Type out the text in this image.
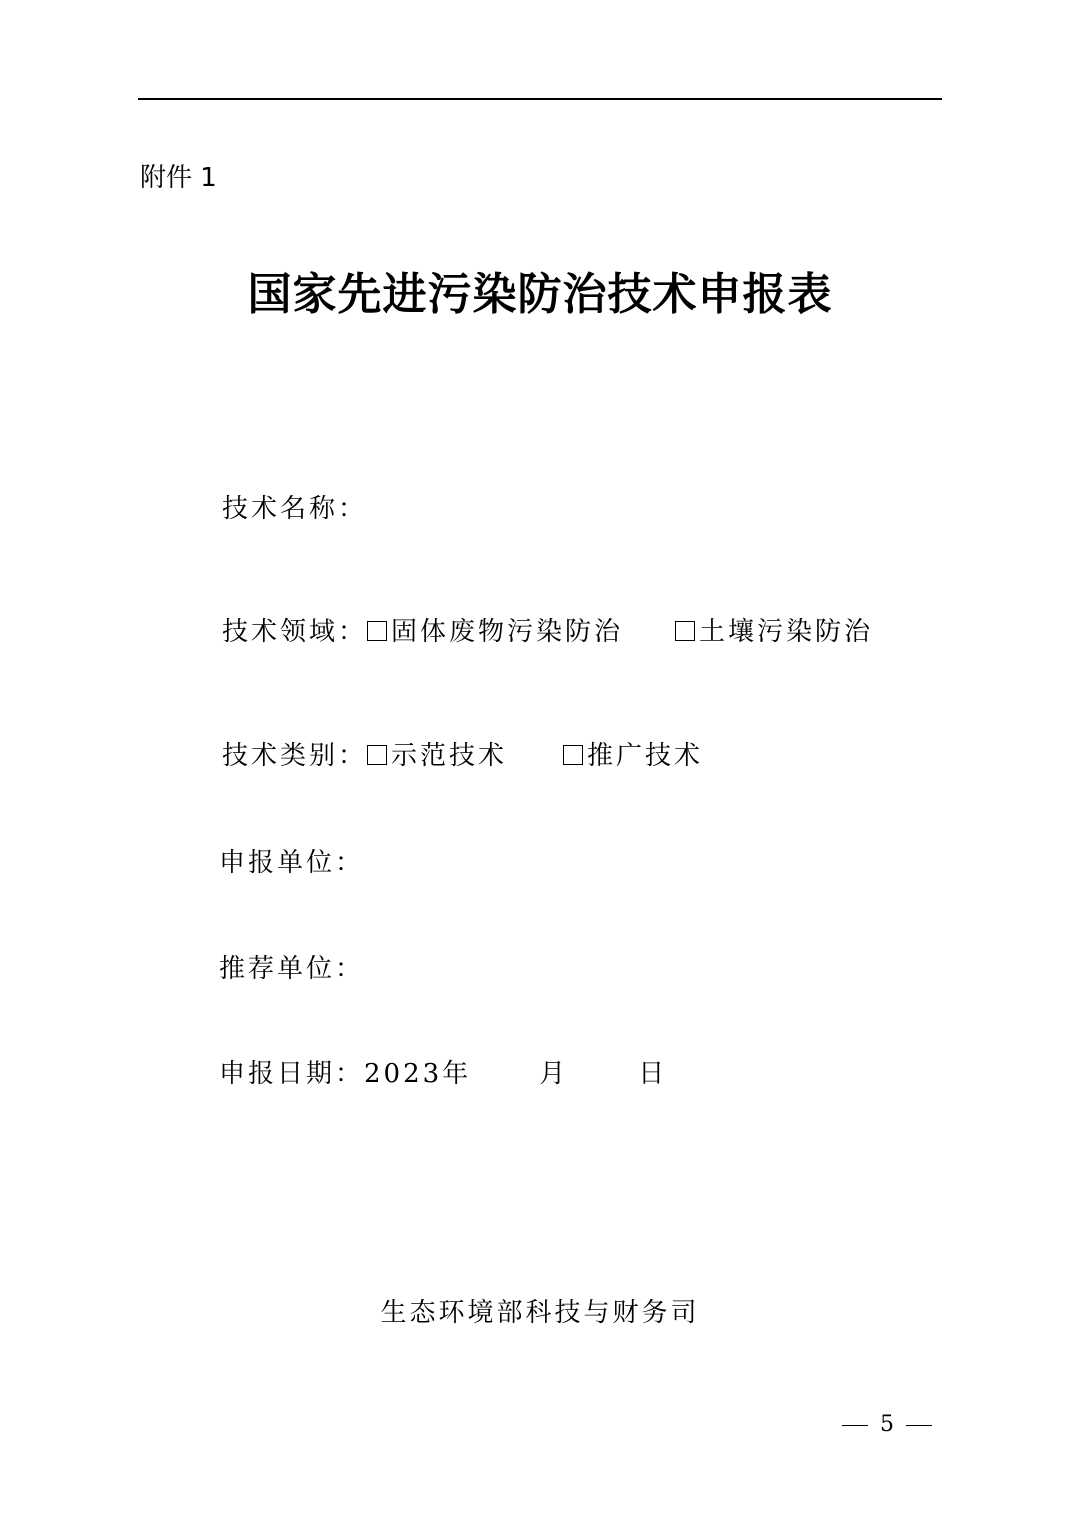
附件 1
国家先进污染防治技术申报表
技术名称：
技术领域： 固体废物污染防治	土壤污染防治
技术类别： 示范技术	推广技术
申报单位：
推荐单位：
申报日期：2023年	月	日
生态环境部科技与财务司
5
